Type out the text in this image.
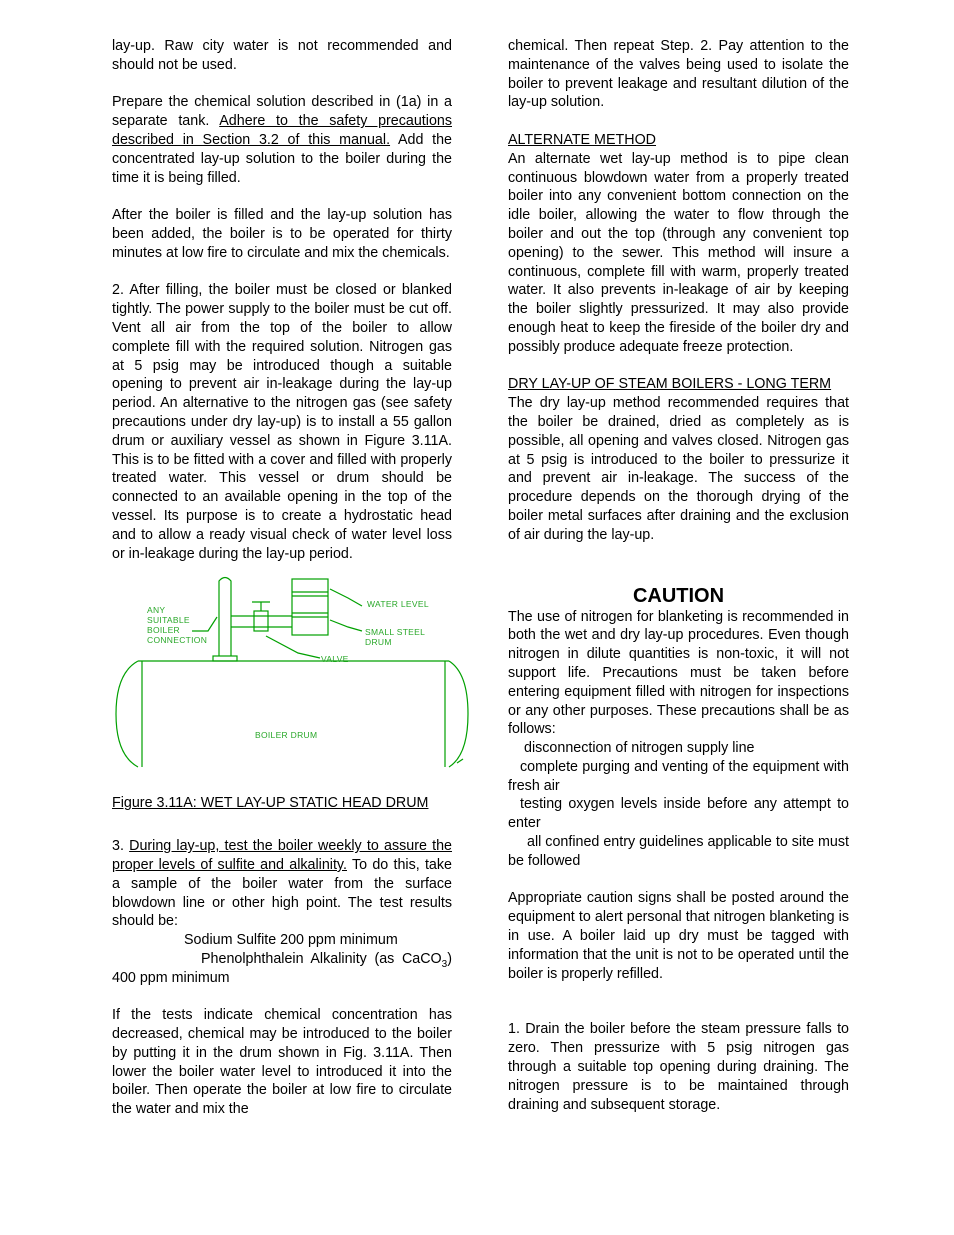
lay-up. Raw city water is not recommended and should not be used.

Prepare the chemical solution described in (1a) in a separate tank. Adhere to the safety precautions described in Section 3.2 of this manual. Add the concentrated lay-up solution to the boiler during the time it is being filled.

After the boiler is filled and the lay-up solution has been added, the boiler is to be operated for thirty minutes at low fire to circulate and mix the chemicals.

2. After filling, the boiler must be closed or blanked tightly. The power supply to the boiler must be cut off. Vent all air from the top of the boiler to allow complete fill with the required solution. Nitrogen gas at 5 psig may be introduced though a suitable opening to prevent air in-leakage during the lay-up period. An alternative to the nitrogen gas (see safety precautions under dry lay-up) is to install a 55 gallon drum or auxiliary vessel as shown in Figure 3.11A. This is to be fitted with a cover and filled with properly treated water. This vessel or drum should be connected to an available opening in the top of the vessel. Its purpose is to create a hydrostatic head and to allow a ready visual check of water level loss or in-leakage during the lay-up period.

ANY
SUITABLE
BOILER
CONNECTION
WATER LEVEL
SMALL STEEL
DRUM
VALVE
BOILER DRUM

Figure 3.11A: WET LAY-UP STATIC HEAD DRUM

3. During lay-up, test the boiler weekly to assure the proper levels of sulfite and alkalinity. To do this, take a sample of the boiler water from the surface blowdown line or other high point. The test results should be:

Sodium Sulfite 200 ppm minimum

Phenolphthalein Alkalinity (as CaCO$_3$) 400 ppm minimum

If the tests indicate chemical concentration has decreased, chemical may be introduced to the boiler by putting it in the drum shown in Fig. 3.11A. Then lower the boiler water level to introduced it into the boiler. Then operate the boiler at low fire to circulate the water and mix the

chemical. Then repeat Step. 2. Pay attention to the maintenance of the valves being used to isolate the boiler to prevent leakage and resultant dilution of the lay-up solution.

ALTERNATE METHOD

An alternate wet lay-up method is to pipe clean continuous blowdown water from a properly treated boiler into any convenient bottom connection on the idle boiler, allowing the water to flow through the boiler and out the top (through any convenient top opening) to the sewer. This method will insure a continuous, complete fill with warm, properly treated water. It also prevents in-leakage of air by keeping the boiler slightly pressurized. It may also provide enough heat to keep the fireside of the boiler dry and possibly produce adequate freeze protection.

DRY LAY-UP OF STEAM BOILERS - LONG TERM

The dry lay-up method recommended requires that the boiler be drained, dried as completely as is possible, all opening and valves closed. Nitrogen gas at 5 psig is introduced to the boiler to pressurize it and prevent air in-leakage. The success of the procedure depends on the thorough drying of the boiler metal surfaces after draining and the exclusion of air during the lay-up.

CAUTION

The use of nitrogen for blanketing is recommended in both the wet and dry lay-up procedures. Even though nitrogen in dilute quantities is non-toxic, it will not support life. Precautions must be taken before entering equipment filled with nitrogen for inspections or any other purposes. These precautions shall be as follows:

disconnection of nitrogen supply line

complete purging and venting of the equipment with fresh air

testing oxygen levels inside before any attempt to enter

all confined entry guidelines applicable to site must be followed

Appropriate caution signs shall be posted around the equipment to alert personal that nitrogen blanketing is in use. A boiler laid up dry must be tagged with information that the unit is not to be operated until the boiler is properly refilled.

1. Drain the boiler before the steam pressure falls to zero. Then pressurize with 5 psig nitrogen gas through a suitable top opening during draining. The nitrogen pressure is to be maintained through draining and subsequent storage.
